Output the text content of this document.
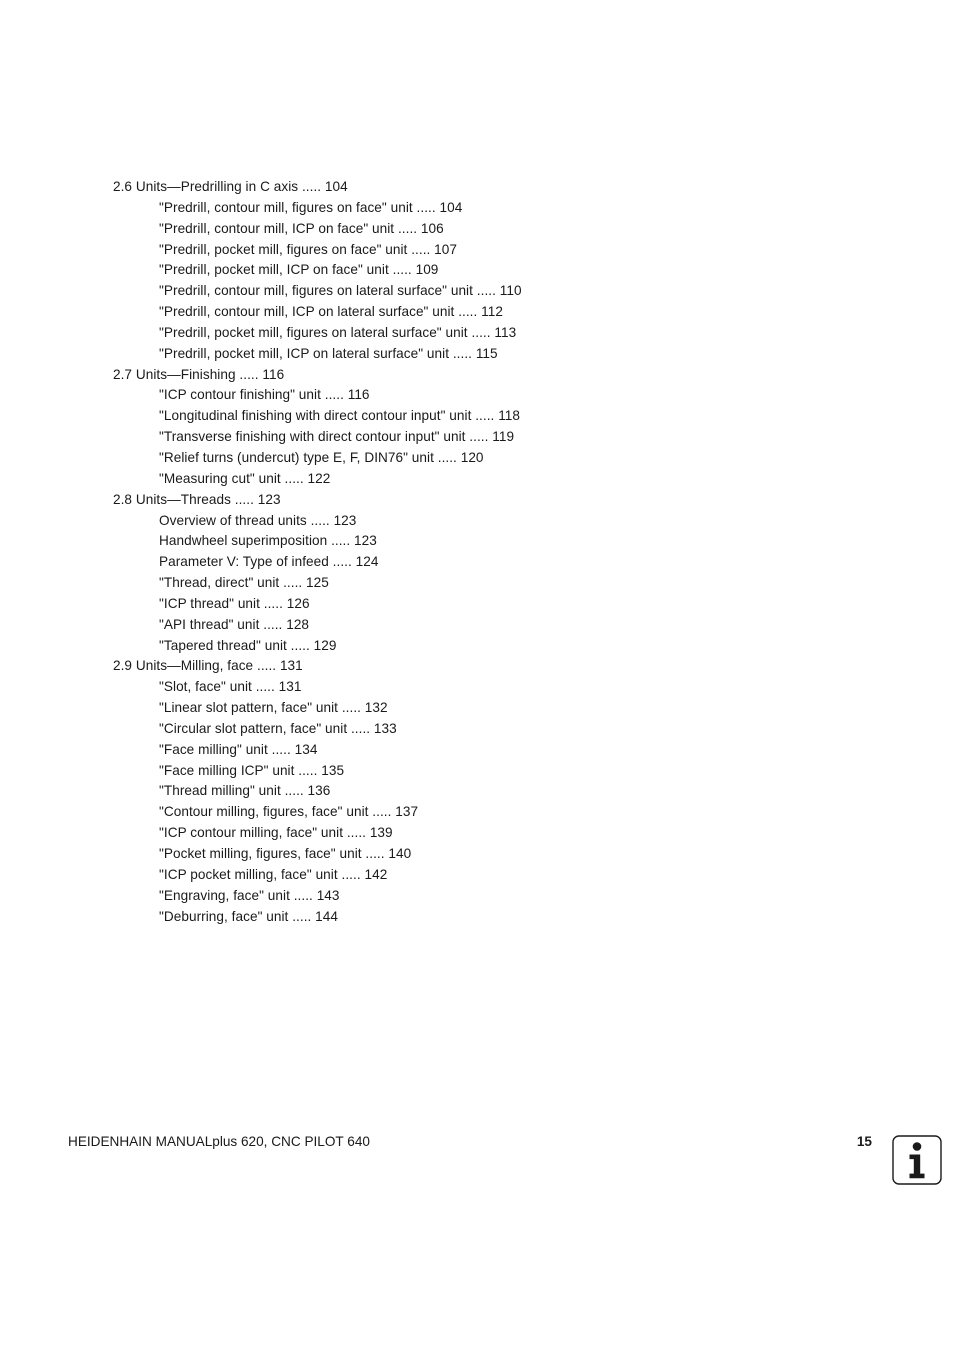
2.6 Units—Predrilling in C axis ..... 104
"Predrill, contour mill, figures on face" unit ..... 104
"Predrill, contour mill, ICP on face" unit ..... 106
"Predrill, pocket mill, figures on face" unit ..... 107
"Predrill, pocket mill, ICP on face" unit ..... 109
"Predrill, contour mill, figures on lateral surface" unit ..... 110
"Predrill, contour mill, ICP on lateral surface" unit ..... 112
"Predrill, pocket mill, figures on lateral surface" unit ..... 113
"Predrill, pocket mill, ICP on lateral surface" unit ..... 115
2.7 Units—Finishing ..... 116
"ICP contour finishing" unit ..... 116
"Longitudinal finishing with direct contour input" unit ..... 118
"Transverse finishing with direct contour input" unit ..... 119
"Relief turns (undercut) type E, F, DIN76" unit ..... 120
"Measuring cut" unit ..... 122
2.8 Units—Threads ..... 123
Overview of thread units ..... 123
Handwheel superimposition ..... 123
Parameter V: Type of infeed ..... 124
"Thread, direct" unit ..... 125
"ICP thread" unit ..... 126
"API thread" unit ..... 128
"Tapered thread" unit ..... 129
2.9 Units—Milling, face ..... 131
"Slot, face" unit ..... 131
"Linear slot pattern, face" unit ..... 132
"Circular slot pattern, face" unit ..... 133
"Face milling" unit ..... 134
"Face milling ICP" unit ..... 135
"Thread milling" unit ..... 136
"Contour milling, figures, face" unit ..... 137
"ICP contour milling, face" unit ..... 139
"Pocket milling, figures, face" unit ..... 140
"ICP pocket milling, face" unit ..... 142
"Engraving, face" unit ..... 143
"Deburring, face" unit ..... 144
HEIDENHAIN MANUALplus 620, CNC PILOT 640	15
